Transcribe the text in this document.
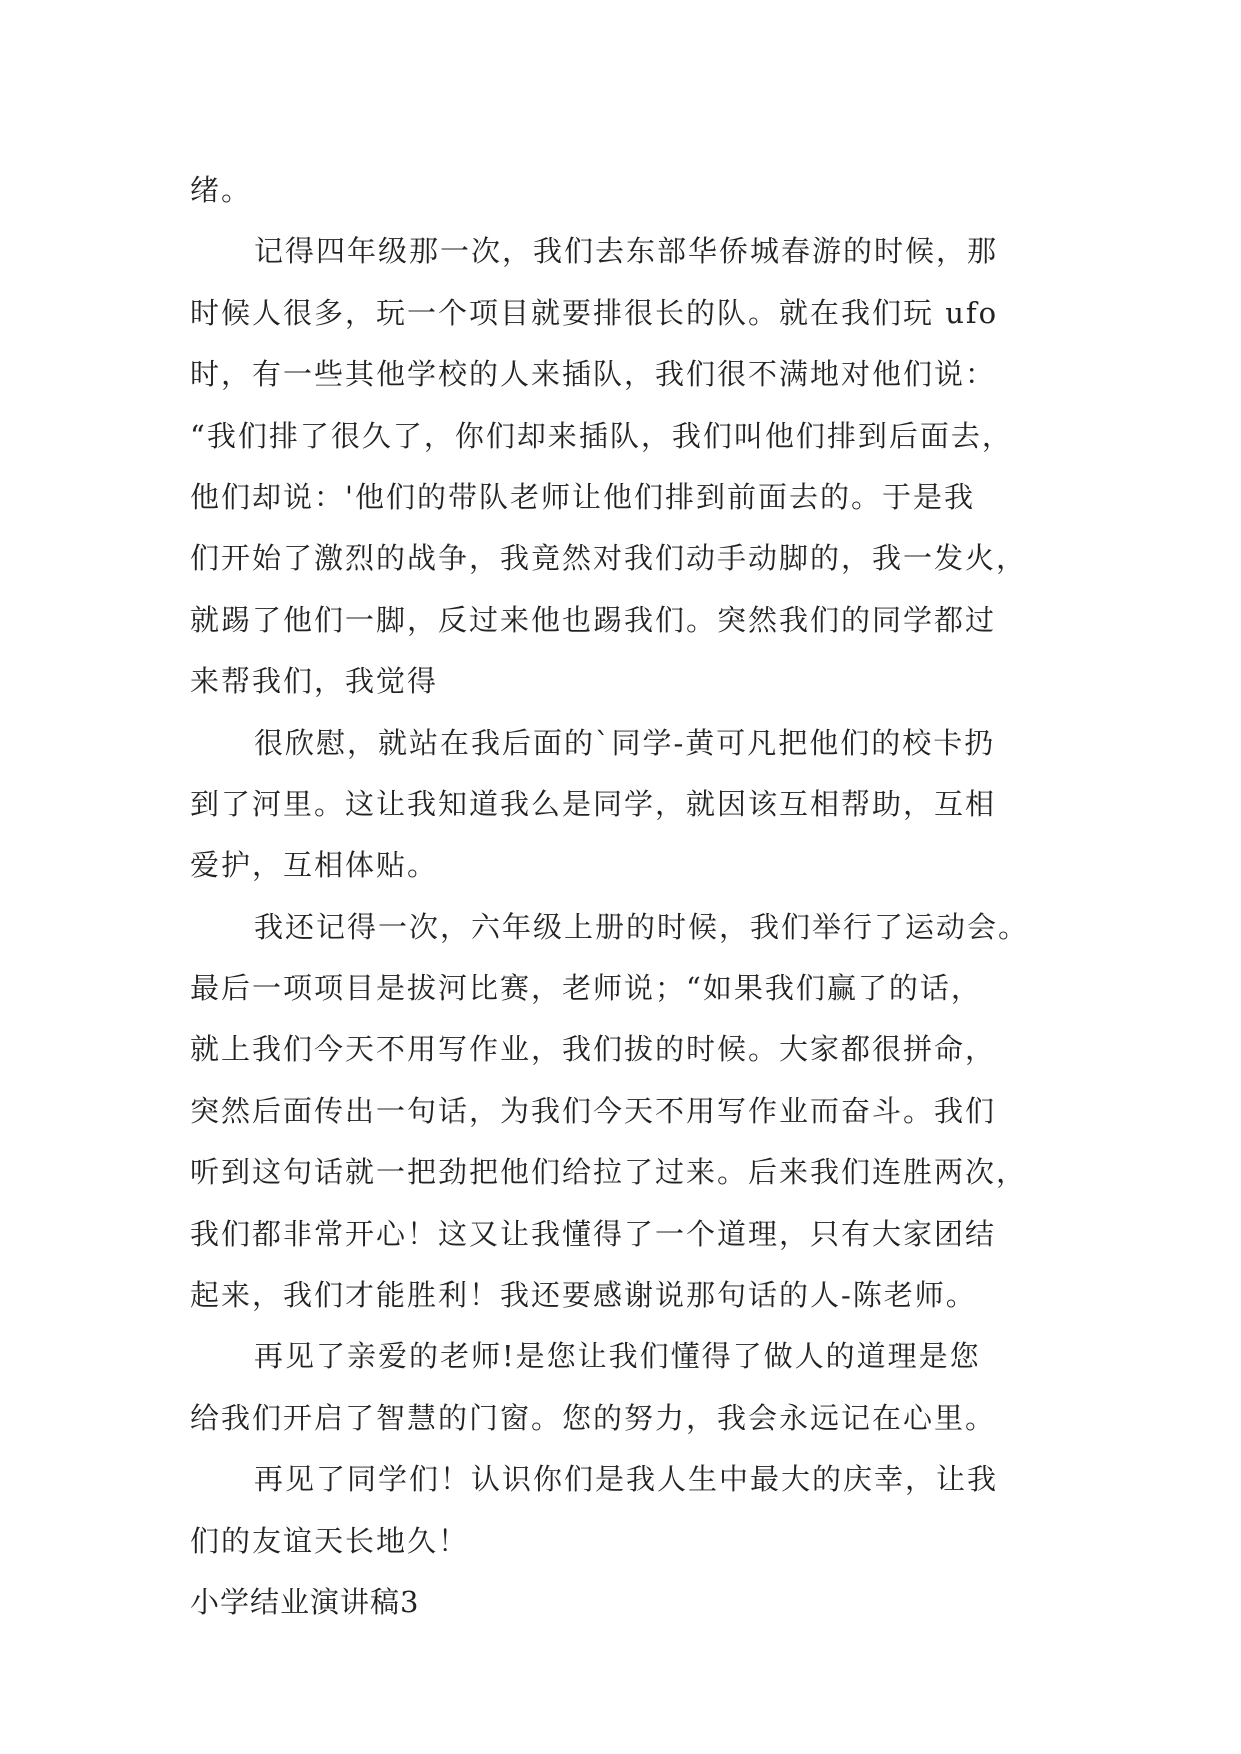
绪。
记得四年级那一次，我们去东部华侨城春游的时候，那
时候人很多，玩一个项目就要排很长的队。就在我们玩 ufo
时，有一些其他学校的人来插队，我们很不满地对他们说：
“我们排了很久了，你们却来插队，我们叫他们排到后面去，
他们却说：'他们的带队老师让他们排到前面去的。于是我
们开始了激烈的战争，我竟然对我们动手动脚的，我一发火，
就踢了他们一脚，反过来他也踢我们。突然我们的同学都过
来帮我们，我觉得
很欣慰，就站在我后面的`同学-黄可凡把他们的校卡扔
到了河里。这让我知道我么是同学，就因该互相帮助，互相
爱护，互相体贴。
我还记得一次，六年级上册的时候，我们举行了运动会。
最后一项项目是拔河比赛，老师说；“如果我们赢了的话，
就上我们今天不用写作业，我们拔的时候。大家都很拼命，
突然后面传出一句话，为我们今天不用写作业而奋斗。我们
听到这句话就一把劲把他们给拉了过来。后来我们连胜两次，
我们都非常开心！这又让我懂得了一个道理，只有大家团结
起来，我们才能胜利！我还要感谢说那句话的人-陈老师。
再见了亲爱的老师!是您让我们懂得了做人的道理是您
给我们开启了智慧的门窗。您的努力，我会永远记在心里。
再见了同学们！认识你们是我人生中最大的庆幸，让我
们的友谊天长地久！
小学结业演讲稿3
